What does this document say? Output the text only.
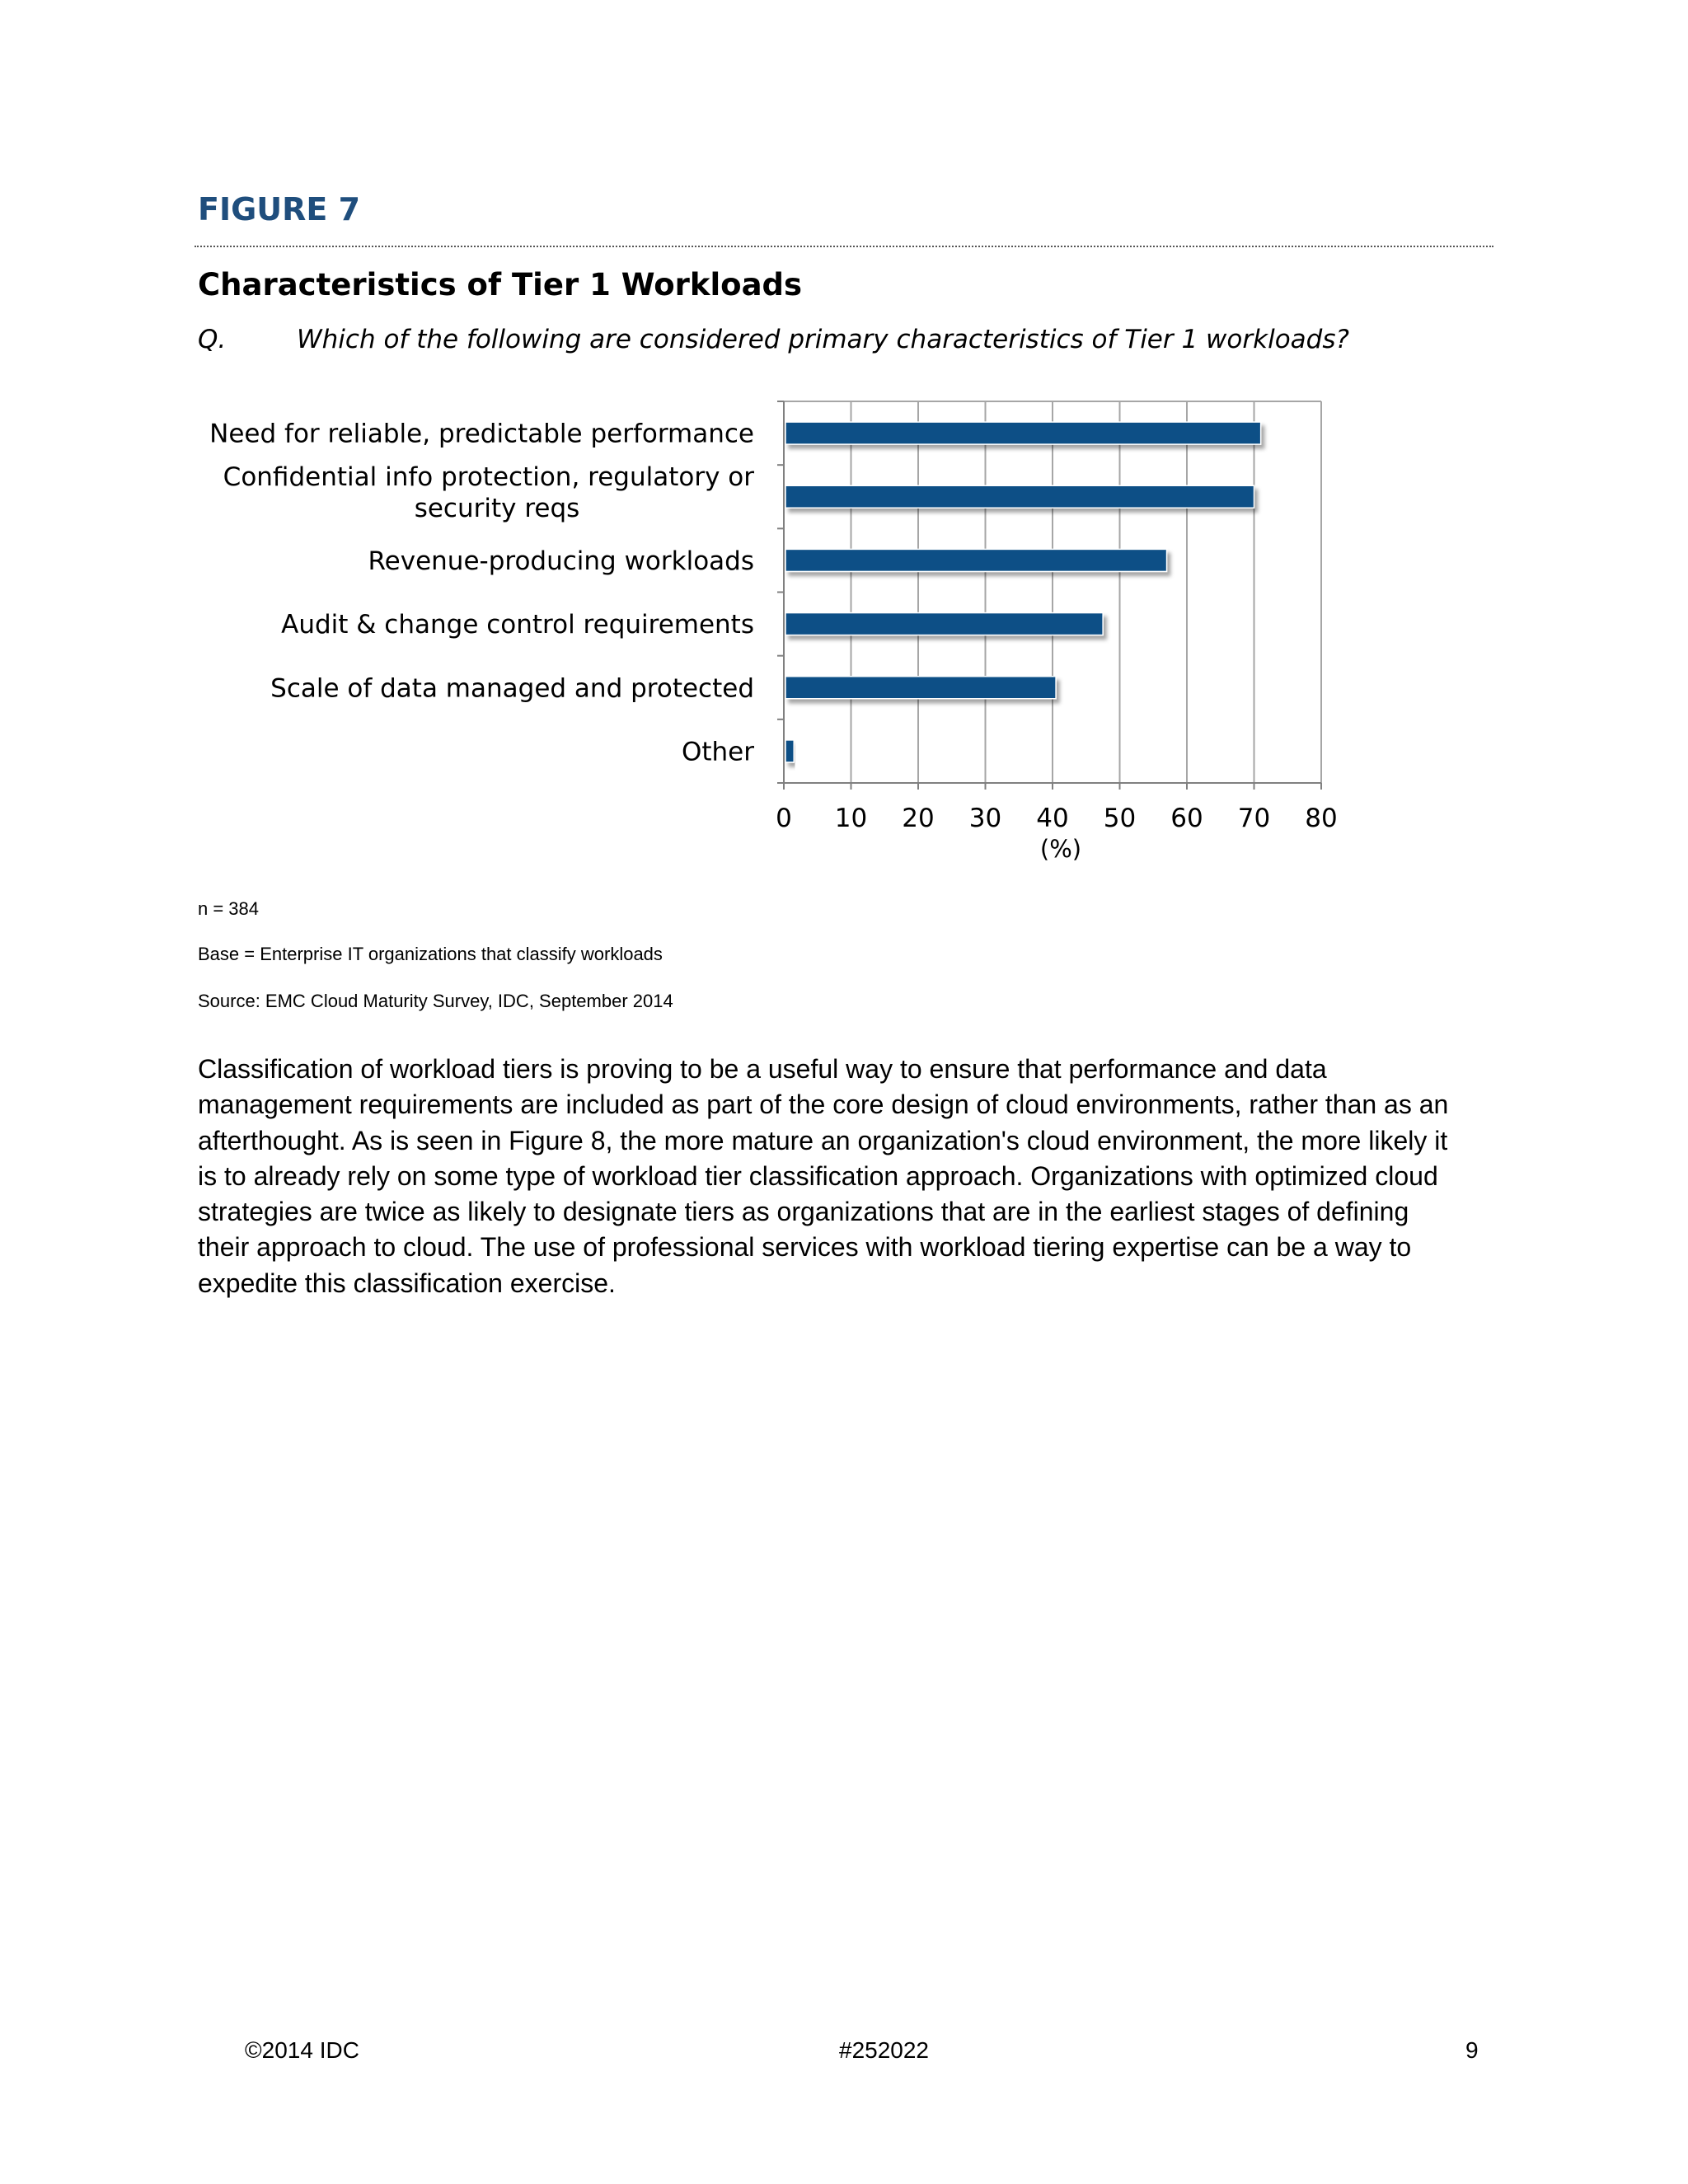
FIGURE 7
Characteristics of Tier 1 Workloads
Q.	Which of the following are considered primary characteristics of Tier 1 workloads?
0 10 20 30 40 50 60 70 80
(%)
Need for reliable, predictable performance
Confidential info protection, regulatory or
security reqs
Revenue-producing workloads
Audit & change control requirements
Scale of data managed and protected
Other
n = 384
Base = Enterprise IT organizations that classify workloads
Source: EMC Cloud Maturity Survey, IDC, September 2014

Classification of workload tiers is proving to be a useful way to ensure that performance and data management requirements are included as part of the core design of cloud environments, rather than as an afterthought. As is seen in Figure 8, the more mature an organization's cloud environment, the more likely it is to already rely on some type of workload tier classification approach. Organizations with optimized cloud strategies are twice as likely to designate tiers as organizations that are in the earliest stages of defining their approach to cloud. The use of professional services with workload tiering expertise can be a way to expedite this classification exercise.

©2014 IDC	#252022	9
